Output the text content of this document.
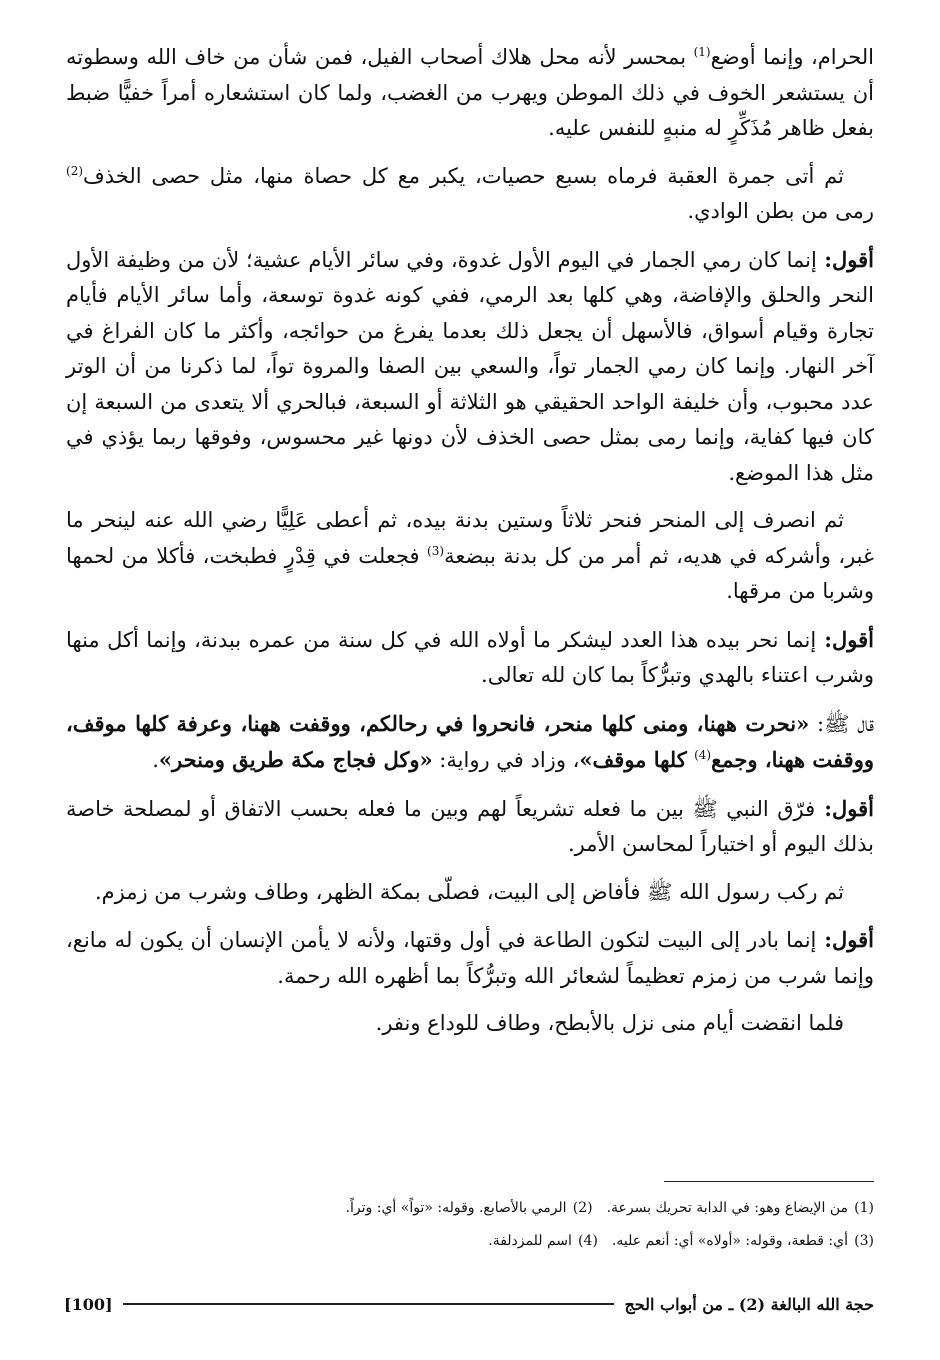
الحرام، وإنما أوضع$^{(1)}$ بمحسر لأنه محل هلاك أصحاب الفيل، فمن شأن من خاف الله وسطوته أن يستشعر الخوف في ذلك الموطن ويهرب من الغضب، ولما كان استشعاره أمراً خفيًّا ضبط بفعل ظاهر مُذَكِّرٍ له منبهٍ للنفس عليه.

ثم أتى جمرة العقبة فرماه بسبع حصيات، يكبر مع كل حصاة منها، مثل حصى الخذف$^{(2)}$ رمى من بطن الوادي.

أقول: إنما كان رمي الجمار في اليوم الأول غدوة، وفي سائر الأيام عشية؛ لأن من وظيفة الأول النحر والحلق والإفاضة، وهي كلها بعد الرمي، ففي كونه غدوة توسعة، وأما سائر الأيام فأيام تجارة وقيام أسواق، فالأسهل أن يجعل ذلك بعدما يفرغ من حوائجه، وأكثر ما كان الفراغ في آخر النهار. وإنما كان رمي الجمار تواً، والسعي بين الصفا والمروة تواً، لما ذكرنا من أن الوتر عدد محبوب، وأن خليفة الواحد الحقيقي هو الثلاثة أو السبعة، فبالحري ألا يتعدى من السبعة إن كان فيها كفاية، وإنما رمى بمثل حصى الخذف لأن دونها غير محسوس، وفوقها ربما يؤذي في مثل هذا الموضع.

ثم انصرف إلى المنحر فنحر ثلاثاً وستين بدنة بيده، ثم أعطى عَلِيًّا رضي الله عنه لينحر ما غبر، وأشركه في هديه، ثم أمر من كل بدنة ببضعة$^{(3)}$ فجعلت في قِدْرٍ فطبخت، فأكلا من لحمها وشربا من مرقها.

أقول: إنما نحر بيده هذا العدد ليشكر ما أولاه الله في كل سنة من عمره ببدنة، وإنما أكل منها وشرب اعتناء بالهدي وتبرُّكاً بما كان لله تعالى.

قال ﷺ: «نحرت ههنا، ومنى كلها منحر، فانحروا في رحالكم، ووقفت ههنا، وعرفة كلها موقف، ووقفت ههنا، وجمع$^{(4)}$ كلها موقف»، وزاد في رواية: «وكل فجاج مكة طريق ومنحر».

أقول: فرّق النبي ﷺ بين ما فعله تشريعاً لهم وبين ما فعله بحسب الاتفاق أو لمصلحة خاصة بذلك اليوم أو اختياراً لمحاسن الأمر.

ثم ركب رسول الله ﷺ فأفاض إلى البيت، فصلّى بمكة الظهر، وطاف وشرب من زمزم.

أقول: إنما بادر إلى البيت لتكون الطاعة في أول وقتها، ولأنه لا يأمن الإنسان أن يكون له مانع، وإنما شرب من زمزم تعظيماً لشعائر الله وتبرُّكاً بما أظهره الله رحمة.

فلما انقضت أيام منى نزل بالأبطح، وطاف للوداع ونفر.

(1)من الإيضاع وهو: في الدابة تحريك بسرعة.(2)الرمي بالأصابع. وقوله: «تواً» أي: وتراً.
(3)أي: قطعة، وقوله: «أولاه» أي: أنعم عليه.(4)اسم للمزدلفة.
حجة الله البالغة (2) ـ من أبواب الحج
[100]
